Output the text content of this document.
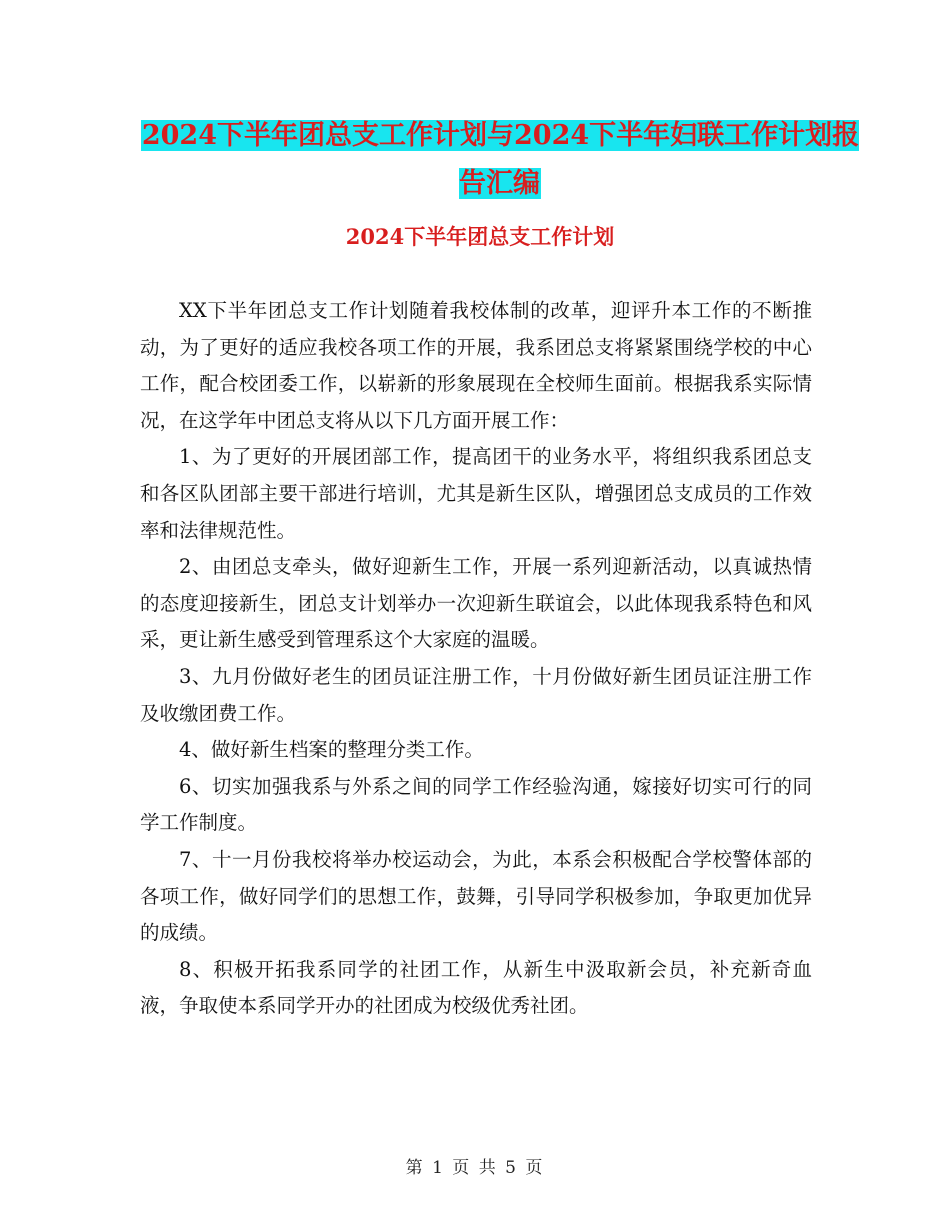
2024下半年团总支工作计划与2024下半年妇联工作计划报告汇编
2024下半年团总支工作计划

XX下半年团总支工作计划随着我校体制的改革，迎评升本工作的不断推动，为了更好的适应我校各项工作的开展，我系团总支将紧紧围绕学校的中心工作，配合校团委工作，以崭新的形象展现在全校师生面前。根据我系实际情况，在这学年中团总支将从以下几方面开展工作：

1、为了更好的开展团部工作，提高团干的业务水平，将组织我系团总支和各区队团部主要干部进行培训，尤其是新生区队，增强团总支成员的工作效率和法律规范性。

2、由团总支牵头，做好迎新生工作，开展一系列迎新活动，以真诚热情的态度迎接新生，团总支计划举办一次迎新生联谊会，以此体现我系特色和风采，更让新生感受到管理系这个大家庭的温暖。

3、九月份做好老生的团员证注册工作，十月份做好新生团员证注册工作及收缴团费工作。

4、做好新生档案的整理分类工作。

6、切实加强我系与外系之间的同学工作经验沟通，嫁接好切实可行的同学工作制度。

7、十一月份我校将举办校运动会，为此，本系会积极配合学校警体部的各项工作，做好同学们的思想工作，鼓舞，引导同学积极参加，争取更加优异的成绩。

8、积极开拓我系同学的社团工作，从新生中汲取新会员，补充新奇血液，争取使本系同学开办的社团成为校级优秀社团。

第 1 页 共 5 页
